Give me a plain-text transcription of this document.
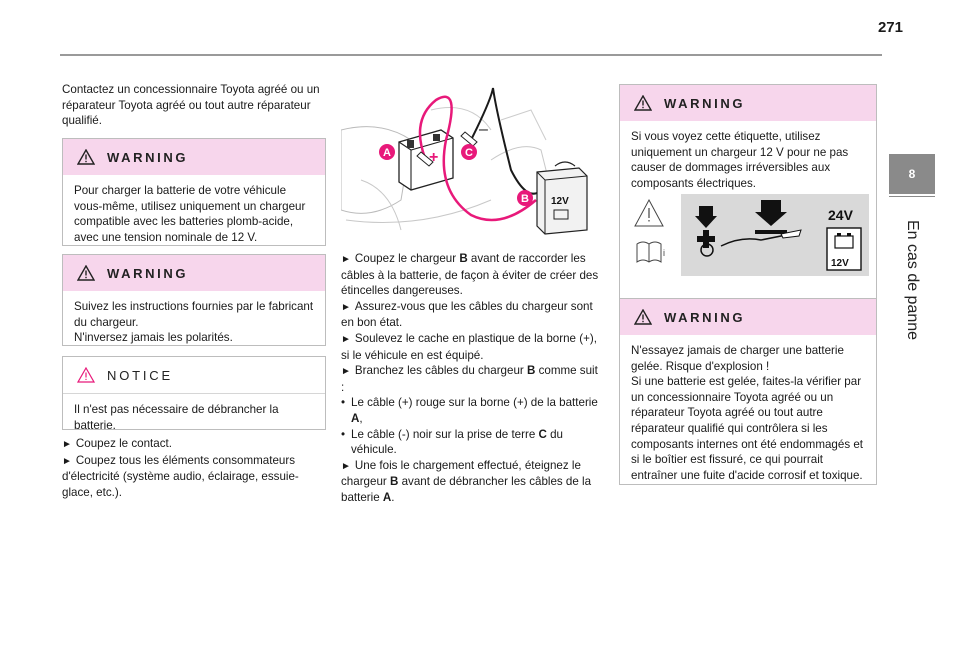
271
8
En cas de panne

Contactez un concessionnaire Toyota agréé ou un réparateur Toyota agréé ou tout autre réparateur qualifié.

WARNING

Pour charger la batterie de votre véhicule vous-même, utilisez uniquement un chargeur compatible avec les batteries plomb-acide, avec une tension nominale de 12 V.

WARNING

Suivez les instructions fournies par le fabricant du chargeur.

N'inversez jamais les polarités.

NOTICE

Il n'est pas nécessaire de débrancher la batterie.

► Coupez le contact.

► Coupez tous les éléments consommateurs d'électricité (système audio, éclairage, essuie-glace, etc.).

+
–
12V
A	C
B

► Coupez le chargeur B avant de raccorder les câbles à la batterie, de façon à éviter de créer des étincelles dangereuses.

► Assurez-vous que les câbles du chargeur sont en bon état.

► Soulevez le cache en plastique de la borne (+), si le véhicule en est équipé.

► Branchez les câbles du chargeur B comme suit :

• Le câble (+) rouge sur la borne (+) de la batterie A,

• Le câble (-) noir sur la prise de terre C du véhicule.

► Une fois le chargement effectué, éteignez le chargeur B avant de débrancher les câbles de la batterie A.

WARNING

Si vous voyez cette étiquette, utilisez uniquement un chargeur 12 V pour ne pas causer de dommages irréversibles aux composants électriques.

i
24V
12V
WARNING

N'essayez jamais de charger une batterie gelée. Risque d'explosion !

Si une batterie est gelée, faites-la vérifier par un concessionnaire Toyota agréé ou un réparateur Toyota agréé ou tout autre réparateur qualifié qui contrôlera si les composants internes ont été endommagés et si le boîtier est fissuré, ce qui pourrait entraîner une fuite d'acide corrosif et toxique.
